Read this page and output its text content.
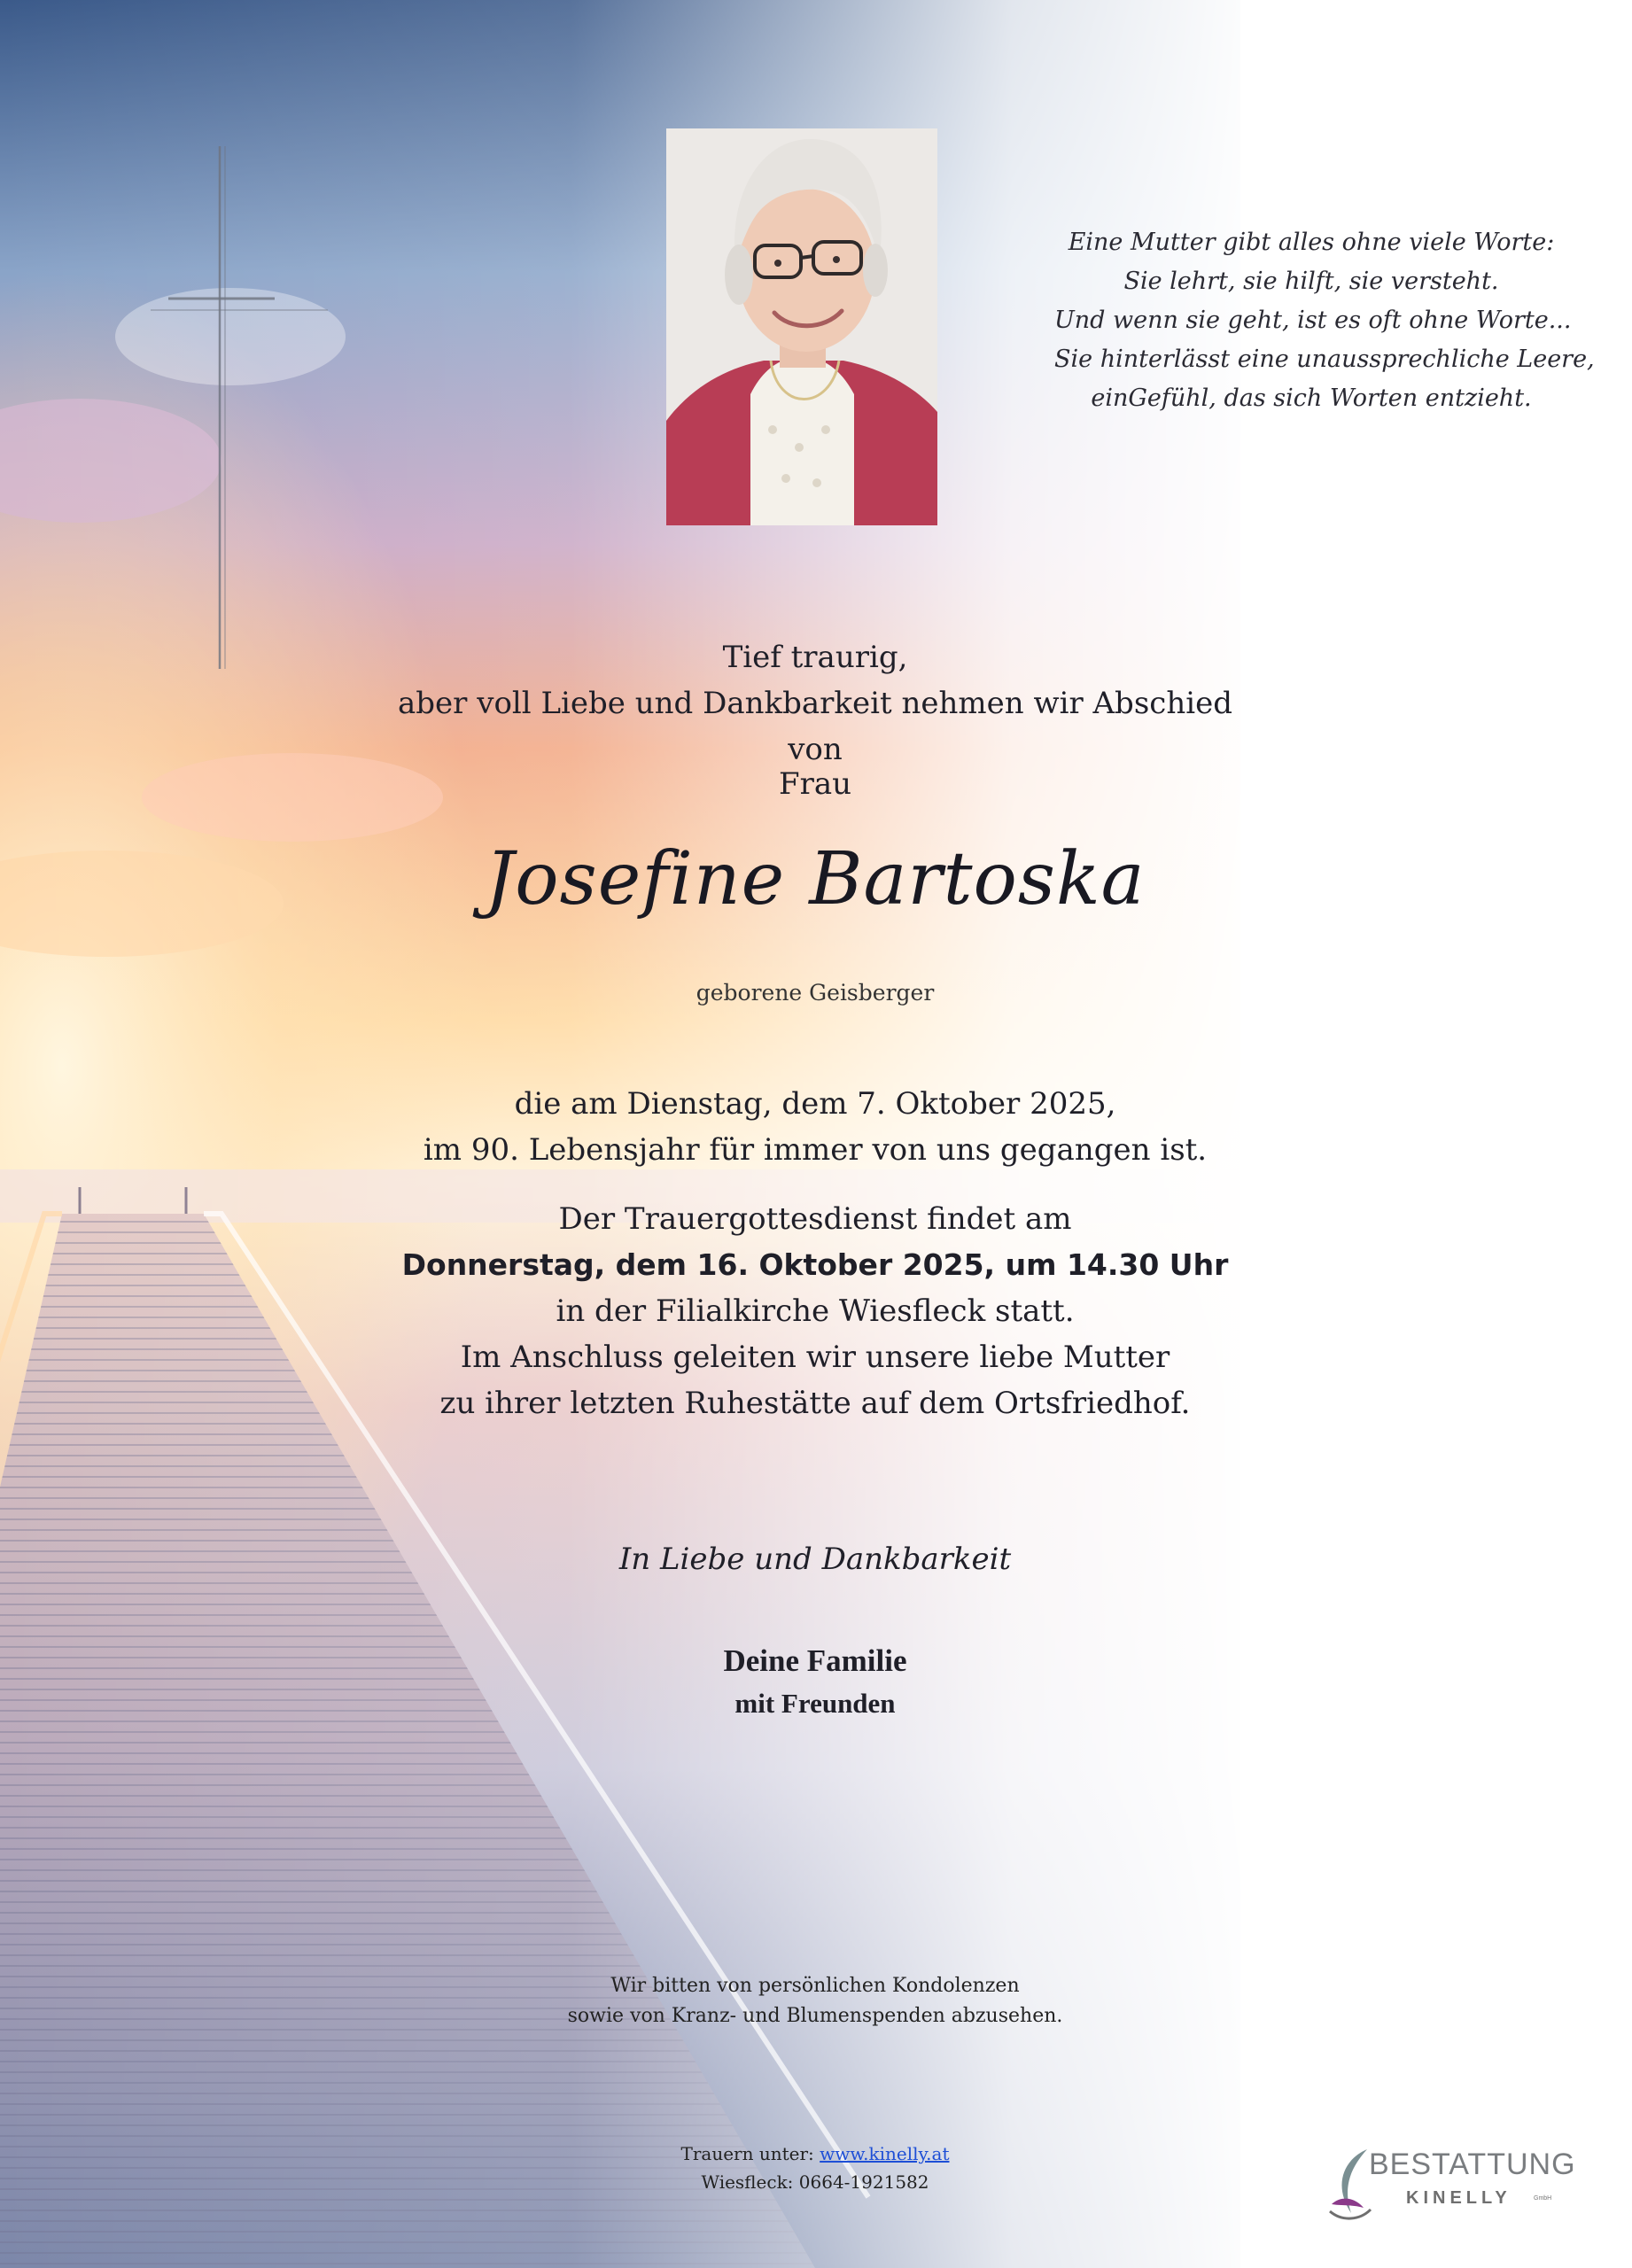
Eine Mutter gibt alles ohne viele Worte:
Sie lehrt, sie hilft, sie versteht.
Und wenn sie geht, ist es oft ohne Worte...
Sie hinterlässt eine unaussprechliche Leere,
einGefühl, das sich Worten entzieht.
Tief traurig,
aber voll Liebe und Dankbarkeit nehmen wir Abschied von
Frau
Josefine Bartoska
geborene Geisberger
die am Dienstag, dem 7. Oktober 2025,
im 90. Lebensjahr für immer von uns gegangen ist.
Der Trauergottesdienst findet am
Donnerstag, dem 16. Oktober 2025, um 14.30 Uhr
in der Filialkirche Wiesfleck statt.
Im Anschluss geleiten wir unsere liebe Mutter
zu ihrer letzten Ruhestätte auf dem Ortsfriedhof.
In Liebe und Dankbarkeit
Deine Familie
mit Freunden
Wir bitten von persönlichen Kondolenzen
sowie von Kranz- und Blumenspenden abzusehen.
Trauern unter: www.kinelly.at
Wiesfleck: 0664-1921582
BESTATTUNG
KINELLY	GmbH
